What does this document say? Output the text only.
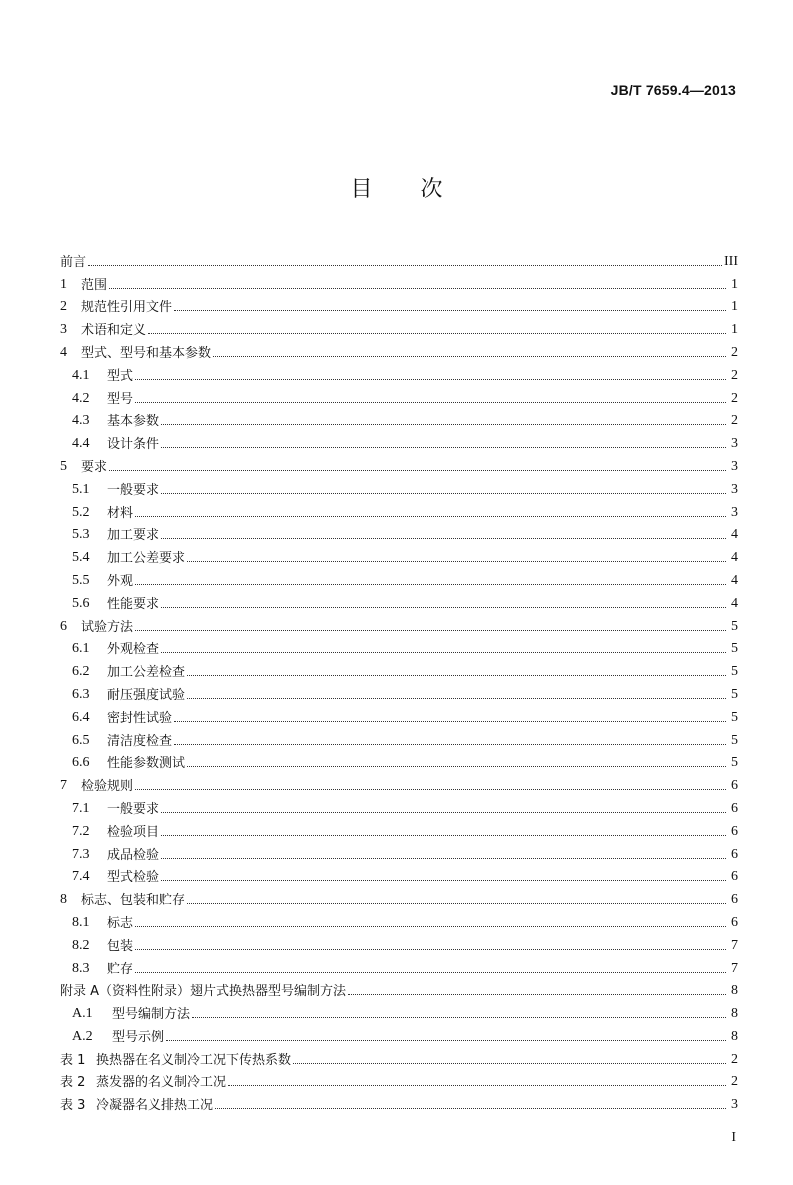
JB/T 7659.4—2013
目 次
前言	III
1	范围	1
2	规范性引用文件	1
3	术语和定义	1
4	型式、型号和基本参数	2
4.1	型式	2
4.2	型号	2
4.3	基本参数	2
4.4	设计条件	3
5	要求	3
5.1	一般要求	3
5.2	材料	3
5.3	加工要求	4
5.4	加工公差要求	4
5.5	外观	4
5.6	性能要求	4
6	试验方法	5
6.1	外观检查	5
6.2	加工公差检查	5
6.3	耐压强度试验	5
6.4	密封性试验	5
6.5	清洁度检查	5
6.6	性能参数测试	5
7	检验规则	6
7.1	一般要求	6
7.2	检验项目	6
7.3	成品检验	6
7.4	型式检验	6
8	标志、包装和贮存	6
8.1	标志	6
8.2	包装	7
8.3	贮存	7
附录 A（资料性附录）翅片式换热器型号编制方法	8
A.1	型号编制方法	8
A.2	型号示例	8
表 1 换热器在名义制冷工况下传热系数	2
表 2 蒸发器的名义制冷工况	2
表 3 冷凝器名义排热工况	3
I
